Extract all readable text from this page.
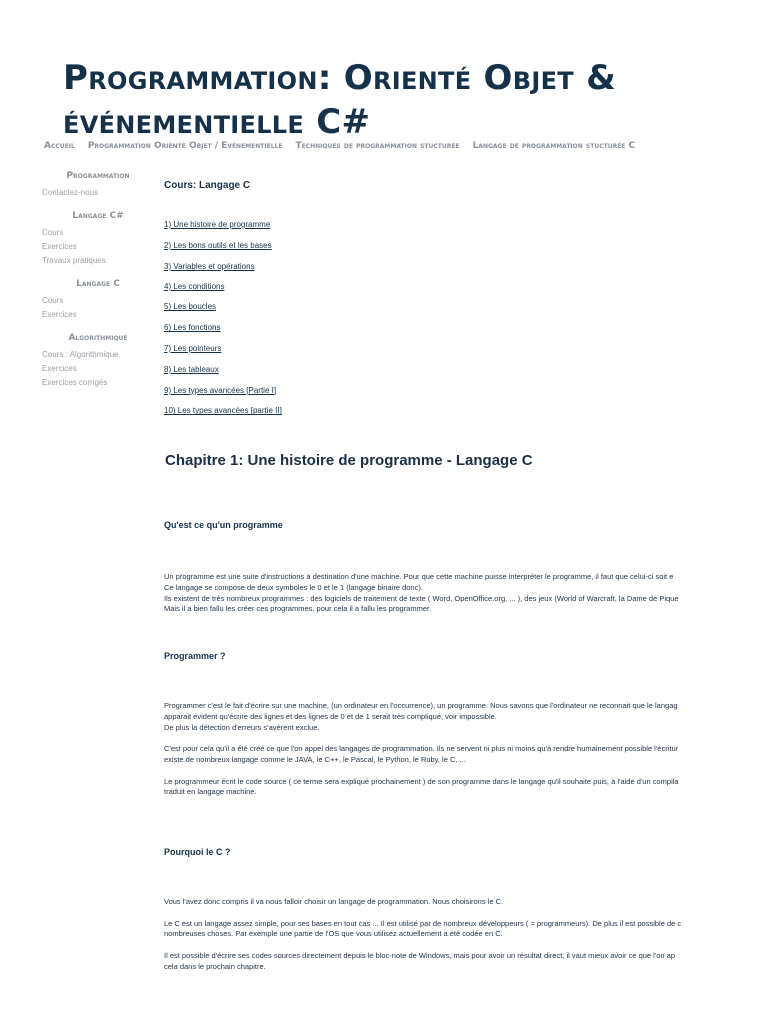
Programmation: Orienté Objet & événementielle C#
Accueil Programmation Orienté Objet / Evénementielle Techniques de programmation stucturée Langage de programmation stucturée C
Programmation
Contactez-nous
Langage C#
Cours
Exercices
Travaux pratiques
Langage C
Cours
Exercices
Algorithmique
Cours : Algorithmique
Exercices
Exercices corrigés
Cours: Langage C
1) Une histoire de programme
2) Les bons outils et les bases
3) Variables et opérations
4) Les conditions
5) Les boucles
6) Les fonctions
7) Les pointeurs
8) Les tableaux
9) Les types avancées [Partie I]
10) Les types avancées [partie II]
Chapitre 1: Une histoire de programme - Langage C
Qu'est ce qu'un programme
Un programme est une suite d'instructions à destination d'une machine. Pour que cette machine puisse interpréter le programme, il faut que celui-ci soit e
Ce langage se compose de deux symboles le 0 et le 1 (langage binaire donc).
Ils existent de très nombreux programmes : des logiciels de traitement de texte ( Word, OpenOffice.org, ... ), des jeux (World of Warcraft, la Dame de Pique
Mais il a bien fallu les créer ces programmes, pour cela il a fallu les programmer.
Programmer ?
Programmer c'est le fait d'écrire sur une machine, (un ordinateur en l'occurrence), un programme. Nous savons que l'ordinateur ne reconnait que le langag
apparait évident qu'écrire des lignes et des lignes de 0 et de 1 serait très compliqué, voir impossible.
De plus la détection d'erreurs s'avèrent exclue.
C'est pour cela qu'il a été créé ce que l'on appel des langages de programmation. Ils ne servent ni plus ni moins qu'à rendre humainement possible l'écritur
existe de nombreux langage comme le JAVA, le C++, le Pascal, le Python, le Ruby, le C, ...
Le programmeur écrit le code source ( ce terme sera expliqué prochainement ) de son programme dans le langage qu'il souhaite puis, à l'aide d'un compila
traduit en langage machine.
Pourquoi le C ?
Vous l'avez donc compris il va nous falloir choisir un langage de programmation. Nous choisirons le C.
Le C est un langage assez simple, pour ses bases en tout cas ... Il est utilisé par de nombreux développeurs ( = programmeurs). De plus il est possible de c
nombreuses choses. Par exemple une partie de l'OS que vous utilisez actuellement a été codée en C.
Il est possible d'écrire ses codes sources directement depuis le bloc-note de Windows, mais pour avoir un résultat direct, il vaut mieux avoir ce que l'on ap
cela dans le prochain chapitre.
